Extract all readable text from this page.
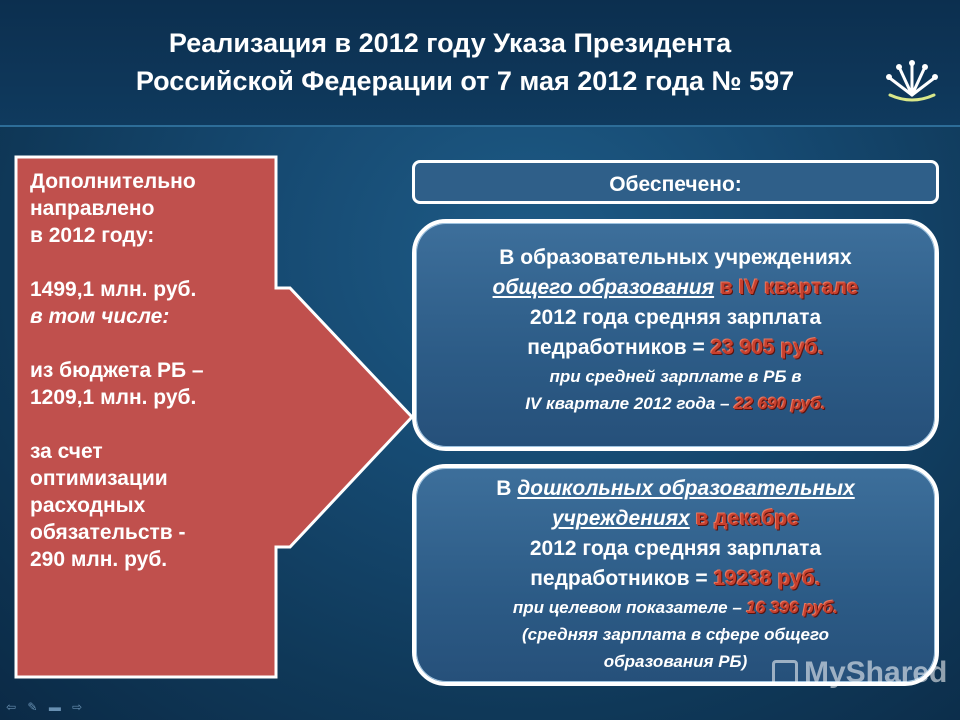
Реализация в 2012 году Указа Президента
Российской Федерации от 7 мая 2012 года № 597

Дополнительно

направлено

в 2012 году:

1499,1 млн. руб.

в том числе:

из бюджета РБ –

1209,1 млн. руб.

за счет

оптимизации

расходных

обязательств -

290 млн. руб.

Обеспечено:
В образовательных учреждениях
общего образования в IV квартале
2012 года средняя зарплата
педработников = 23 905 руб.
при средней зарплате в РБ в
IV квартале 2012 года – 22 690 руб.
В дошкольных образовательных
учреждениях в декабре
2012 года средняя зарплата
педработников = 19238 руб.
при целевом показателе – 16 396 руб.
(средняя зарплата в сфере общего
образования РБ)	MyShared
⇦ ✎ ▬ ⇨
